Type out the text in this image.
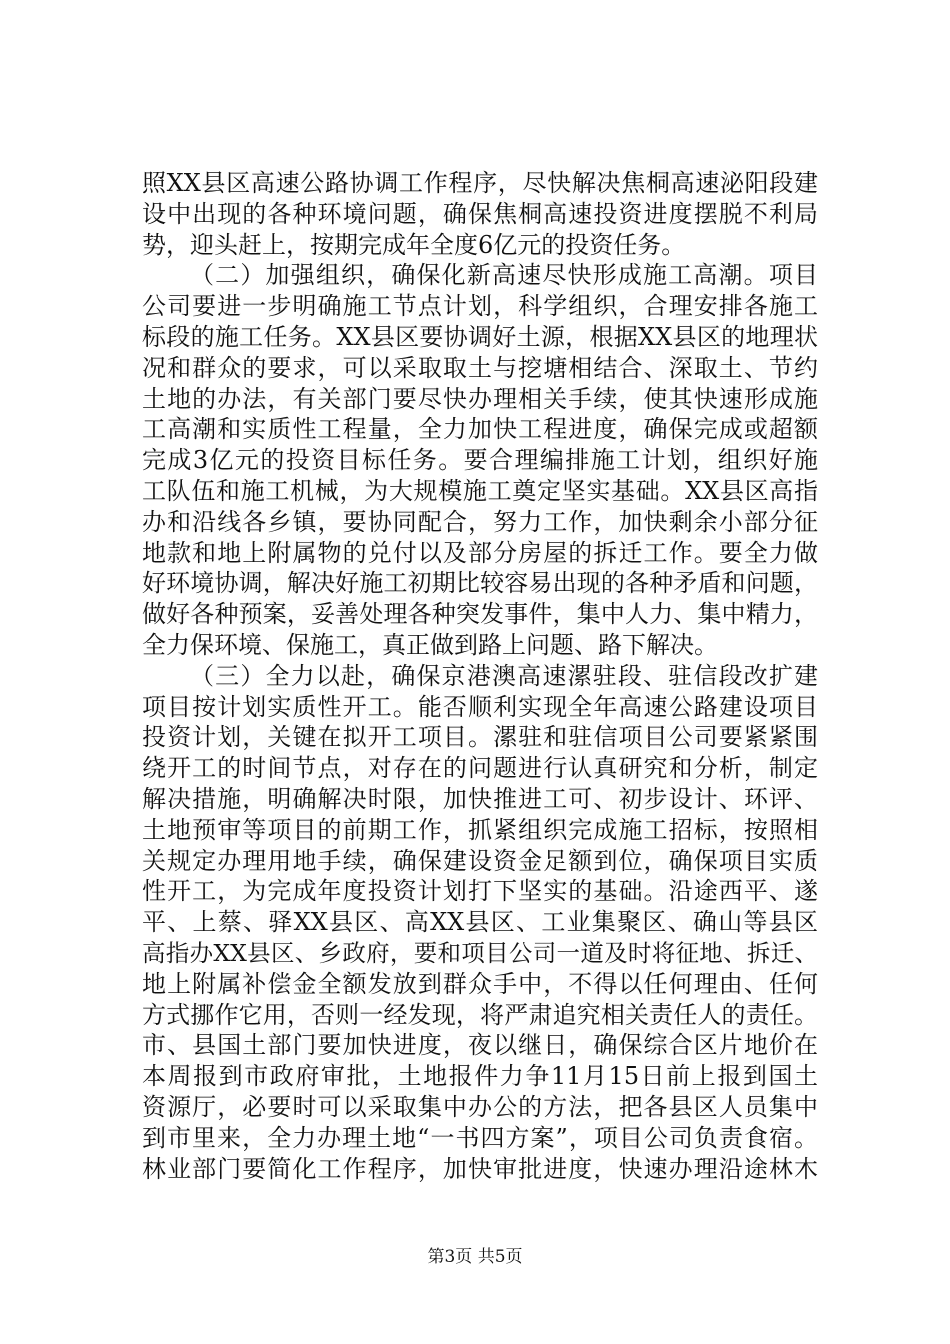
照XX县区高速公路协调工作程序，尽快解决焦桐高速泌阳段建
设中出现的各种环境问题，确保焦桐高速投资进度摆脱不利局
势，迎头赶上，按期完成年全度6亿元的投资任务。
（二）加强组织，确保化新高速尽快形成施工高潮。项目
公司要进一步明确施工节点计划，科学组织，合理安排各施工
标段的施工任务。XX县区要协调好土源，根据XX县区的地理状
况和群众的要求，可以采取取土与挖塘相结合、深取土、节约
土地的办法，有关部门要尽快办理相关手续，使其快速形成施
工高潮和实质性工程量，全力加快工程进度，确保完成或超额
完成3亿元的投资目标任务。要合理编排施工计划，组织好施
工队伍和施工机械，为大规模施工奠定坚实基础。XX县区高指
办和沿线各乡镇，要协同配合，努力工作，加快剩余小部分征
地款和地上附属物的兑付以及部分房屋的拆迁工作。要全力做
好环境协调，解决好施工初期比较容易出现的各种矛盾和问题，
做好各种预案，妥善处理各种突发事件，集中人力、集中精力，
全力保环境、保施工，真正做到路上问题、路下解决。
（三）全力以赴，确保京港澳高速漯驻段、驻信段改扩建
项目按计划实质性开工。能否顺利实现全年高速公路建设项目
投资计划，关键在拟开工项目。漯驻和驻信项目公司要紧紧围
绕开工的时间节点，对存在的问题进行认真研究和分析，制定
解决措施，明确解决时限，加快推进工可、初步设计、环评、
土地预审等项目的前期工作，抓紧组织完成施工招标，按照相
关规定办理用地手续，确保建设资金足额到位，确保项目实质
性开工，为完成年度投资计划打下坚实的基础。沿途西平、遂
平、上蔡、驿XX县区、高XX县区、工业集聚区、确山等县区
高指办XX县区、乡政府，要和项目公司一道及时将征地、拆迁、
地上附属补偿金全额发放到群众手中，不得以任何理由、任何
方式挪作它用，否则一经发现，将严肃追究相关责任人的责任。
市、县国土部门要加快进度，夜以继日，确保综合区片地价在
本周报到市政府审批，土地报件力争11月15日前上报到国土
资源厅，必要时可以采取集中办公的方法，把各县区人员集中
到市里来，全力办理土地“一书四方案”，项目公司负责食宿。
林业部门要简化工作程序，加快审批进度，快速办理沿途林木
第3页 共5页
